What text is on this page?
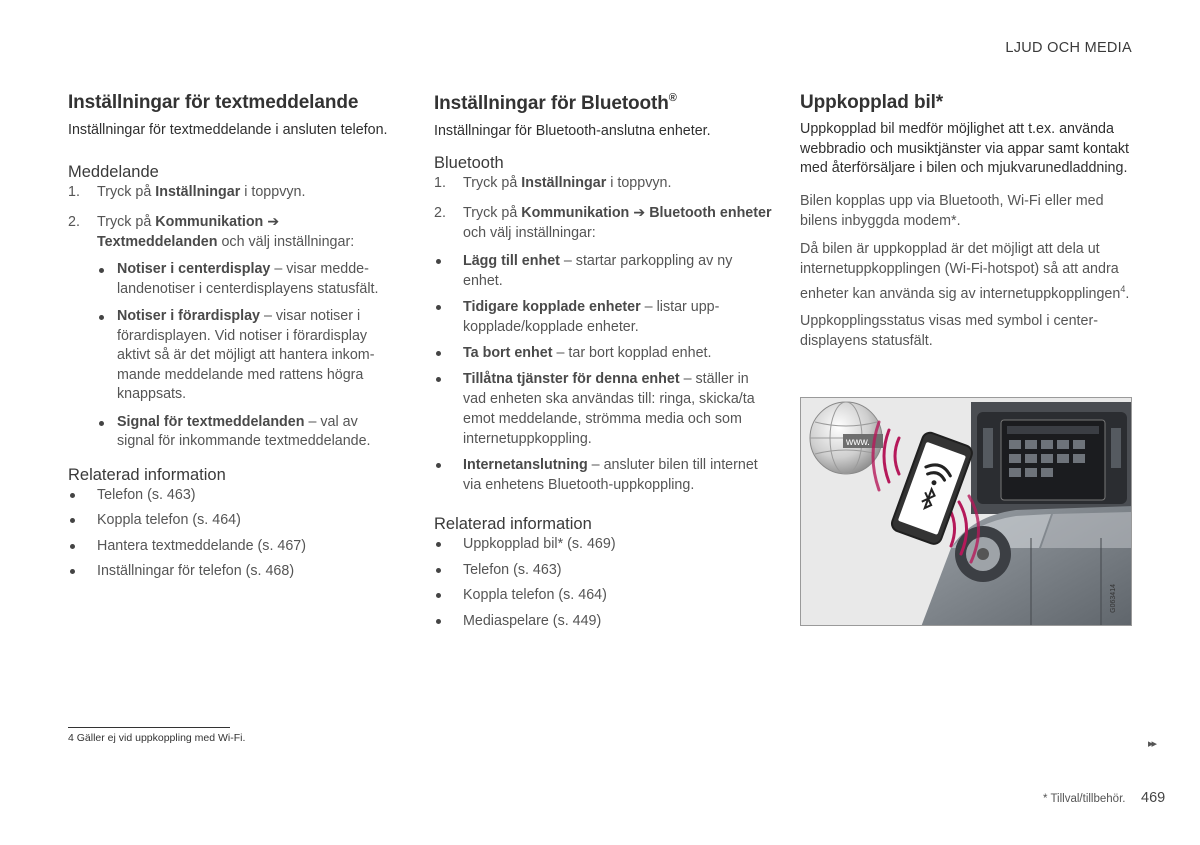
LJUD OCH MEDIA
Inställningar för textmeddelande

Inställningar för textmeddelande i ansluten telefon.

Meddelande
1. Tryck på Inställningar i toppvyn.
2. Tryck på Kommunikation ➔ Textmeddelanden och välj inställningar:
Notiser i centerdisplay – visar meddelandenotiser i centerdisplayens statusfält.
Notiser i förardisplay – visar notiser i förardisplayen. Vid notiser i förardisplay aktivt så är det möjligt att hantera inkommande meddelande med rattens högra knappsats.
Signal för textmeddelanden – val av signal för inkommande textmeddelande.
Relaterad information
Telefon (s. 463)
Koppla telefon (s. 464)
Hantera textmeddelande (s. 467)
Inställningar för telefon (s. 468)
Inställningar för Bluetooth®

Inställningar för Bluetooth-anslutna enheter.

Bluetooth
1. Tryck på Inställningar i toppvyn.
2. Tryck på Kommunikation ➔ Bluetooth enheter och välj inställningar:
Lägg till enhet – startar parkoppling av ny enhet.
Tidigare kopplade enheter – listar uppkopplade/kopplade enheter.
Ta bort enhet – tar bort kopplad enhet.
Tillåtna tjänster för denna enhet – ställer in vad enheten ska användas till: ringa, skicka/ta emot meddelande, strömma media och som internetuppkoppling.
Internetanslutning – ansluter bilen till internet via enhetens Bluetooth-uppkoppling.
Relaterad information
Uppkopplad bil* (s. 469)
Telefon (s. 463)
Koppla telefon (s. 464)
Mediaspelare (s. 449)
Uppkopplad bil*

Uppkopplad bil medför möjlighet att t.ex. använda webbradio och musiktjänster via appar samt kontakt med återförsäljare i bilen och mjukvarunedladdning.

Bilen kopplas upp via Bluetooth, Wi-Fi eller med bilens inbyggda modem*.

Då bilen är uppkopplad är det möjligt att dela ut internetuppkopplingen (Wi-Fi-hotspot) så att andra enheter kan använda sig av internetuppkopplingen$^4$.

Uppkopplingsstatus visas med symbol i centerdisplayens statusfält.

www.
G063414
4 Gäller ej vid uppkoppling med Wi-Fi.	▸▸
* Tillval/tillbehör. 469
